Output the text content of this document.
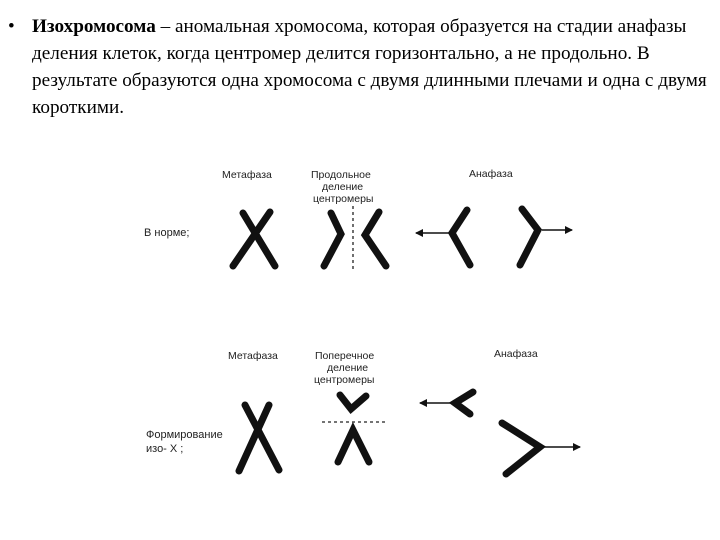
• Изохромосома – аномальная хромосома, которая образуется на стадии анафазы деления клеток, когда центромер делится горизонтально, а не продольно. В результате образуются одна хромосома с двумя длинными плечами и одна с двумя короткими.
Метафаза	Продольное
деление
центромеры
Анафаза
В норме;
Метафаза	Поперечное
деление
центромеры
Анафаза
Формирование
изо- Х ;
